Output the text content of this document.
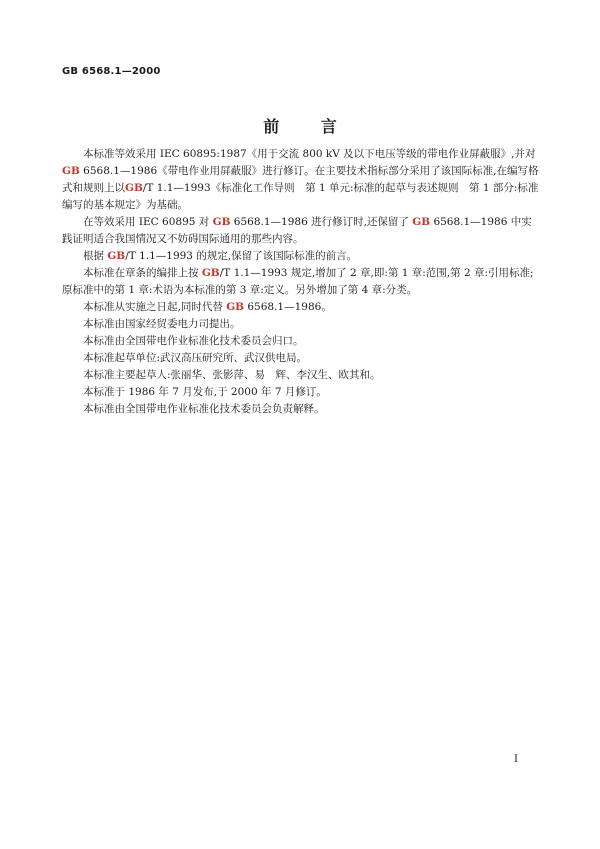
GB 6568.1—2000
前 言

本标准等效采用 IEC 60895:1987《用于交流 800 kV 及以下电压等级的带电作业屏蔽服》,并对 GB 6568.1—1986《带电作业用屏蔽服》进行修订。在主要技术指标部分采用了该国际标准,在编写格式和规则上以GB/T 1.1—1993《标准化工作导则　第 1 单元:标准的起草与表述规则　第 1 部分:标准编写的基本规定》为基础。

在等效采用 IEC 60895 对 GB 6568.1—1986 进行修订时,还保留了 GB 6568.1—1986 中实践证明适合我国情况又不妨碍国际通用的那些内容。

根据 GB/T 1.1—1993 的规定,保留了该国际标准的前言。

本标准在章条的编排上按 GB/T 1.1—1993 规定,增加了 2 章,即:第 1 章:范围,第 2 章:引用标准;原标准中的第 1 章:术语为本标准的第 3 章:定义。另外增加了第 4 章:分类。

本标准从实施之日起,同时代替 GB 6568.1—1986。

本标准由国家经贸委电力司提出。

本标准由全国带电作业标准化技术委员会归口。

本标准起草单位:武汉高压研究所、武汉供电局。

本标准主要起草人:张丽华、张影萍、易　辉、李汉生、欧其和。

本标准于 1986 年 7 月发布,于 2000 年 7 月修订。

本标准由全国带电作业标准化技术委员会负责解释。

I
